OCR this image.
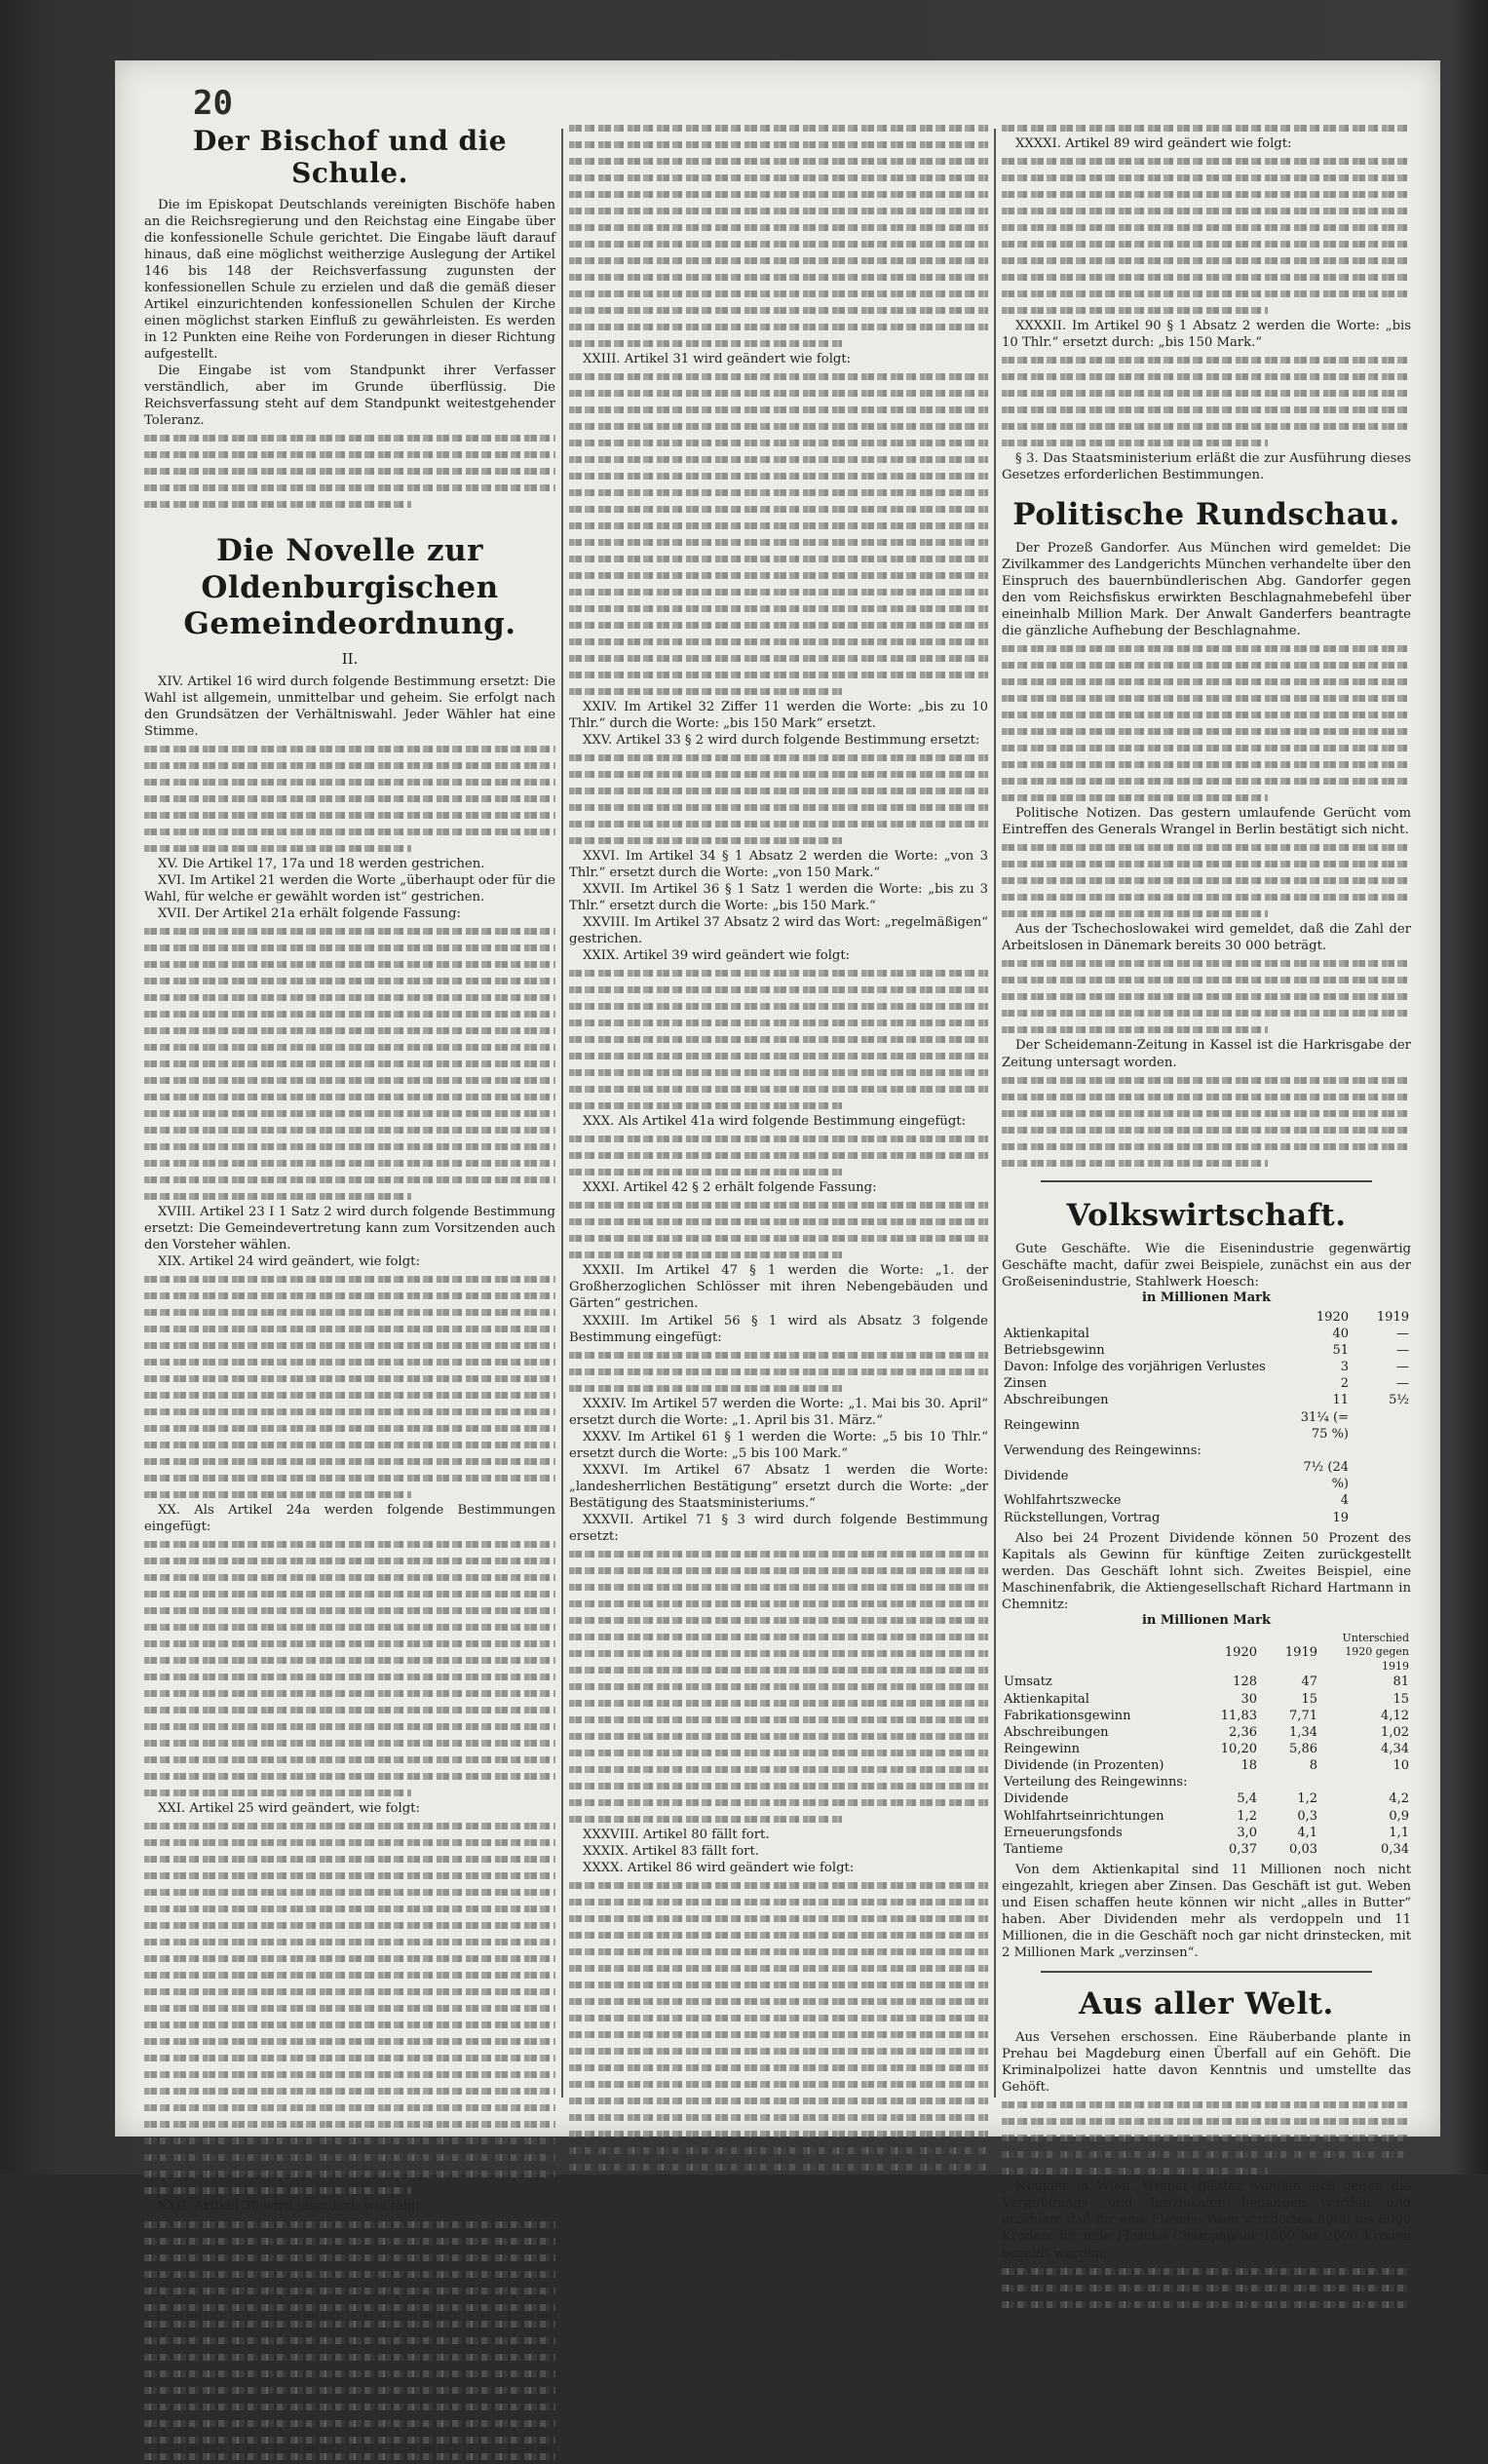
20
Der Bischof und die Schule.

Die im Episkopat Deutschlands vereinigten Bischöfe haben an die Reichsregierung und den Reichstag eine Eingabe über die konfessionelle Schule gerichtet. Die Eingabe läuft darauf hinaus, daß eine möglichst weitherzige Auslegung der Artikel 146 bis 148 der Reichsverfassung zugunsten der konfessionellen Schule zu erzielen und daß die gemäß dieser Artikel einzurichtenden konfessionellen Schulen der Kirche einen möglichst starken Einfluß zu gewährleisten. Es werden in 12 Punkten eine Reihe von Forderungen in dieser Richtung aufgestellt.

Die Eingabe ist vom Standpunkt ihrer Verfasser verständlich, aber im Grunde überflüssig. Die Reichsverfassung steht auf dem Standpunkt weitestgehender Toleranz.

Die Novelle zur Oldenburgischen Gemeindeordnung.
II.

XIV. Artikel 16 wird durch folgende Bestimmung ersetzt: Die Wahl ist allgemein, unmittelbar und geheim. Sie erfolgt nach den Grundsätzen der Verhältniswahl. Jeder Wähler hat eine Stimme.

XV. Die Artikel 17, 17a und 18 werden gestrichen.

XVI. Im Artikel 21 werden die Worte „überhaupt oder für die Wahl, für welche er gewählt worden ist“ gestrichen.

XVII. Der Artikel 21a erhält folgende Fassung:

XVIII. Artikel 23 I 1 Satz 2 wird durch folgende Bestimmung ersetzt: Die Gemeindevertretung kann zum Vorsitzenden auch den Vorsteher wählen.

XIX. Artikel 24 wird geändert, wie folgt:

XX. Als Artikel 24a werden folgende Bestimmungen eingefügt:

XXI. Artikel 25 wird geändert, wie folgt:

XXII. Artikel 30 wird geändert, wie folgt:

XXIII. Artikel 31 wird geändert wie folgt:

XXIV. Im Artikel 32 Ziffer 11 werden die Worte: „bis zu 10 Thlr.“ durch die Worte: „bis 150 Mark“ ersetzt.

XXV. Artikel 33 § 2 wird durch folgende Bestimmung ersetzt:

XXVI. Im Artikel 34 § 1 Absatz 2 werden die Worte: „von 3 Thlr.“ ersetzt durch die Worte: „von 150 Mark.“

XXVII. Im Artikel 36 § 1 Satz 1 werden die Worte: „bis zu 3 Thlr.“ ersetzt durch die Worte: „bis 150 Mark.“

XXVIII. Im Artikel 37 Absatz 2 wird das Wort: „regelmäßigen“ gestrichen.

XXIX. Artikel 39 wird geändert wie folgt:

XXX. Als Artikel 41a wird folgende Bestimmung eingefügt:

XXXI. Artikel 42 § 2 erhält folgende Fassung:

XXXII. Im Artikel 47 § 1 werden die Worte: „1. der Großherzoglichen Schlösser mit ihren Nebengebäuden und Gärten“ gestrichen.

XXXIII. Im Artikel 56 § 1 wird als Absatz 3 folgende Bestimmung eingefügt:

XXXIV. Im Artikel 57 werden die Worte: „1. Mai bis 30. April“ ersetzt durch die Worte: „1. April bis 31. März.“

XXXV. Im Artikel 61 § 1 werden die Worte: „5 bis 10 Thlr.“ ersetzt durch die Worte: „5 bis 100 Mark.“

XXXVI. Im Artikel 67 Absatz 1 werden die Worte: „landesherrlichen Bestätigung“ ersetzt durch die Worte: „der Bestätigung des Staatsministeriums.“

XXXVII. Artikel 71 § 3 wird durch folgende Bestimmung ersetzt:

XXXVIII. Artikel 80 fällt fort.

XXXIX. Artikel 83 fällt fort.

XXXX. Artikel 86 wird geändert wie folgt:

XXXXI. Artikel 89 wird geändert wie folgt:

XXXXII. Im Artikel 90 § 1 Absatz 2 werden die Worte: „bis 10 Thlr.“ ersetzt durch: „bis 150 Mark.“

§ 3. Das Staatsministerium erläßt die zur Ausführung dieses Gesetzes erforderlichen Bestimmungen.

Politische Rundschau.

Der Prozeß Gandorfer. Aus München wird gemeldet: Die Zivilkammer des Landgerichts München verhandelte über den Einspruch des bauernbündlerischen Abg. Gandorfer gegen den vom Reichsfiskus erwirkten Beschlagnahmebefehl über eineinhalb Million Mark. Der Anwalt Ganderfers beantragte die gänzliche Aufhebung der Beschlagnahme.

Politische Notizen. Das gestern umlaufende Gerücht vom Eintreffen des Generals Wrangel in Berlin bestätigt sich nicht.

Aus der Tschechoslowakei wird gemeldet, daß die Zahl der Arbeitslosen in Dänemark bereits 30 000 beträgt.

Der Scheidemann-Zeitung in Kassel ist die Harkrisgabe der Zeitung untersagt worden.

Volkswirtschaft.

Gute Geschäfte. Wie die Eisenindustrie gegenwärtig Geschäfte macht, dafür zwei Beispiele, zunächst ein aus der Großeisenindustrie, Stahlwerk Hoesch:

in Millionen Mark
	1920	1919
Aktienkapital	40	—
Betriebsgewinn	51	—
Davon: Infolge des vorjährigen Verlustes	3	—
Zinsen	2	—
Abschreibungen	11	5½
Reingewinn	31¼ (= 75 %)	
Verwendung des Reingewinns:		
Dividende	7½ (24 %)	
Wohlfahrtszwecke	4	
Rückstellungen, Vortrag	19	

Also bei 24 Prozent Dividende können 50 Prozent des Kapitals als Gewinn für künftige Zeiten zurückgestellt werden. Das Geschäft lohnt sich. Zweites Beispiel, eine Maschinenfabrik, die Aktiengesellschaft Richard Hartmann in Chemnitz:

in Millionen Mark
	1920	1919	Unterschied 1920 gegen 1919
Umsatz	128	47	81
Aktienkapital	30	15	15
Fabrikationsgewinn	11,83	7,71	4,12
Abschreibungen	2,36	1,34	1,02
Reingewinn	10,20	5,86	4,34
Dividende (in Prozenten)	18	8	10
Verteilung des Reingewinns:			
Dividende	5,4	1,2	4,2
Wohlfahrtseinrichtungen	1,2	0,3	0,9
Erneuerungsfonds	3,0	4,1	1,1
Tantieme	0,37	0,03	0,34

Von dem Aktienkapital sind 11 Millionen noch nicht eingezahlt, kriegen aber Zinsen. Das Geschäft ist gut. Weben und Eisen schaffen heute können wir nicht „alles in Butter“ haben. Aber Dividenden mehr als verdoppeln und 11 Millionen, die in die Geschäft noch gar nicht drinstecken, mit 2 Millionen Mark „verzinsen“.

Aus aller Welt.

Aus Versehen erschossen. Eine Räuberbande plante in Prehau bei Magdeburg einen Überfall auf ein Gehöft. Die Kriminalpolizei hatte davon Kenntnis und umstellte das Gehöft.

Neujahr in Wien. Wiener Blätter wenden sich gegen die Vergnügungs- und Tanzlokalen begangen wurden und erzählen, daß für eine Flasche Wein wanderten 4000 bis 6000 Kronen, für eine Flasche Champagner 1800 bis 2000 Kronen bezahlt wurden.
